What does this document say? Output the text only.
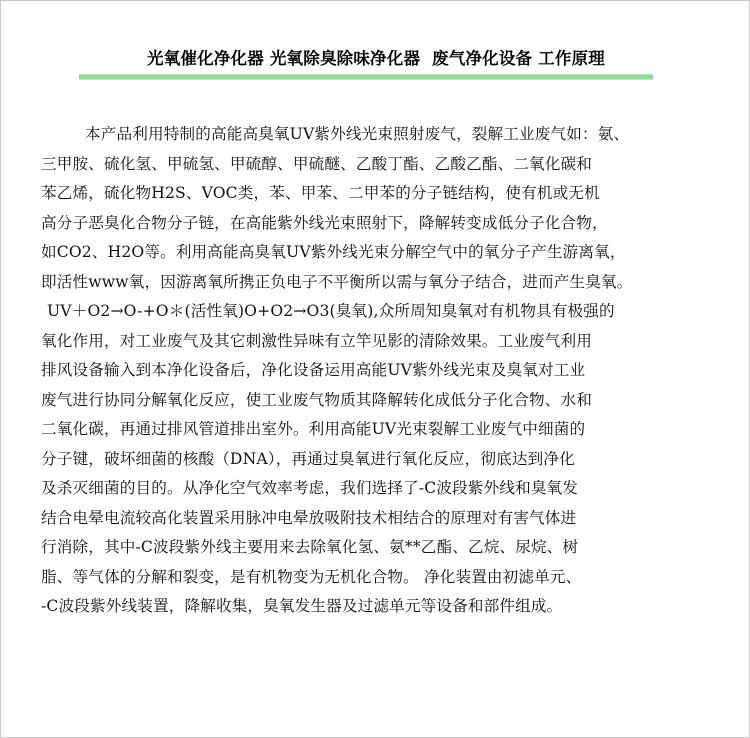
光氧催化净化器 光氧除臭除味净化器  废气净化设备 工作原理
本产品利用特制的高能高臭氧UV紫外线光束照射废气，裂解工业废气如：氨、
三甲胺、硫化氢、甲硫氢、甲硫醇、甲硫醚、乙酸丁酯、乙酸乙酯、二氧化碳和
苯乙烯，硫化物H2S、VOC类，苯、甲苯、二甲苯的分子链结构，使有机或无机
高分子恶臭化合物分子链，在高能紫外线光束照射下，降解转变成低分子化合物，
如CO2、H2O等。利用高能高臭氧UV紫外线光束分解空气中的氧分子产生游离氧，
即活性www氧，因游离氧所携正负电子不平衡所以需与氧分子结合，进而产生臭氧。
UV＋O2→O-+O＊(活性氧)O+O2→O3(臭氧),众所周知臭氧对有机物具有极强的
氧化作用，对工业废气及其它刺激性异味有立竿见影的清除效果。工业废气利用
排风设备输入到本净化设备后，净化设备运用高能UV紫外线光束及臭氧对工业
废气进行协同分解氧化反应，使工业废气物质其降解转化成低分子化合物、水和
二氧化碳，再通过排风管道排出室外。利用高能UV光束裂解工业废气中细菌的
分子键，破坏细菌的核酸（DNA），再通过臭氧进行氧化反应，彻底达到净化
及杀灭细菌的目的。从净化空气效率考虑，我们选择了-C波段紫外线和臭氧发
结合电晕电流较高化装置采用脉冲电晕放吸附技术相结合的原理对有害气体进
行消除，其中-C波段紫外线主要用来去除氧化氢、氨**乙酯、乙烷、尿烷、树
脂、等气体的分解和裂变，是有机物变为无机化合物。 净化装置由初滤单元、
-C波段紫外线装置，降解收集，臭氧发生器及过滤单元等设备和部件组成。
